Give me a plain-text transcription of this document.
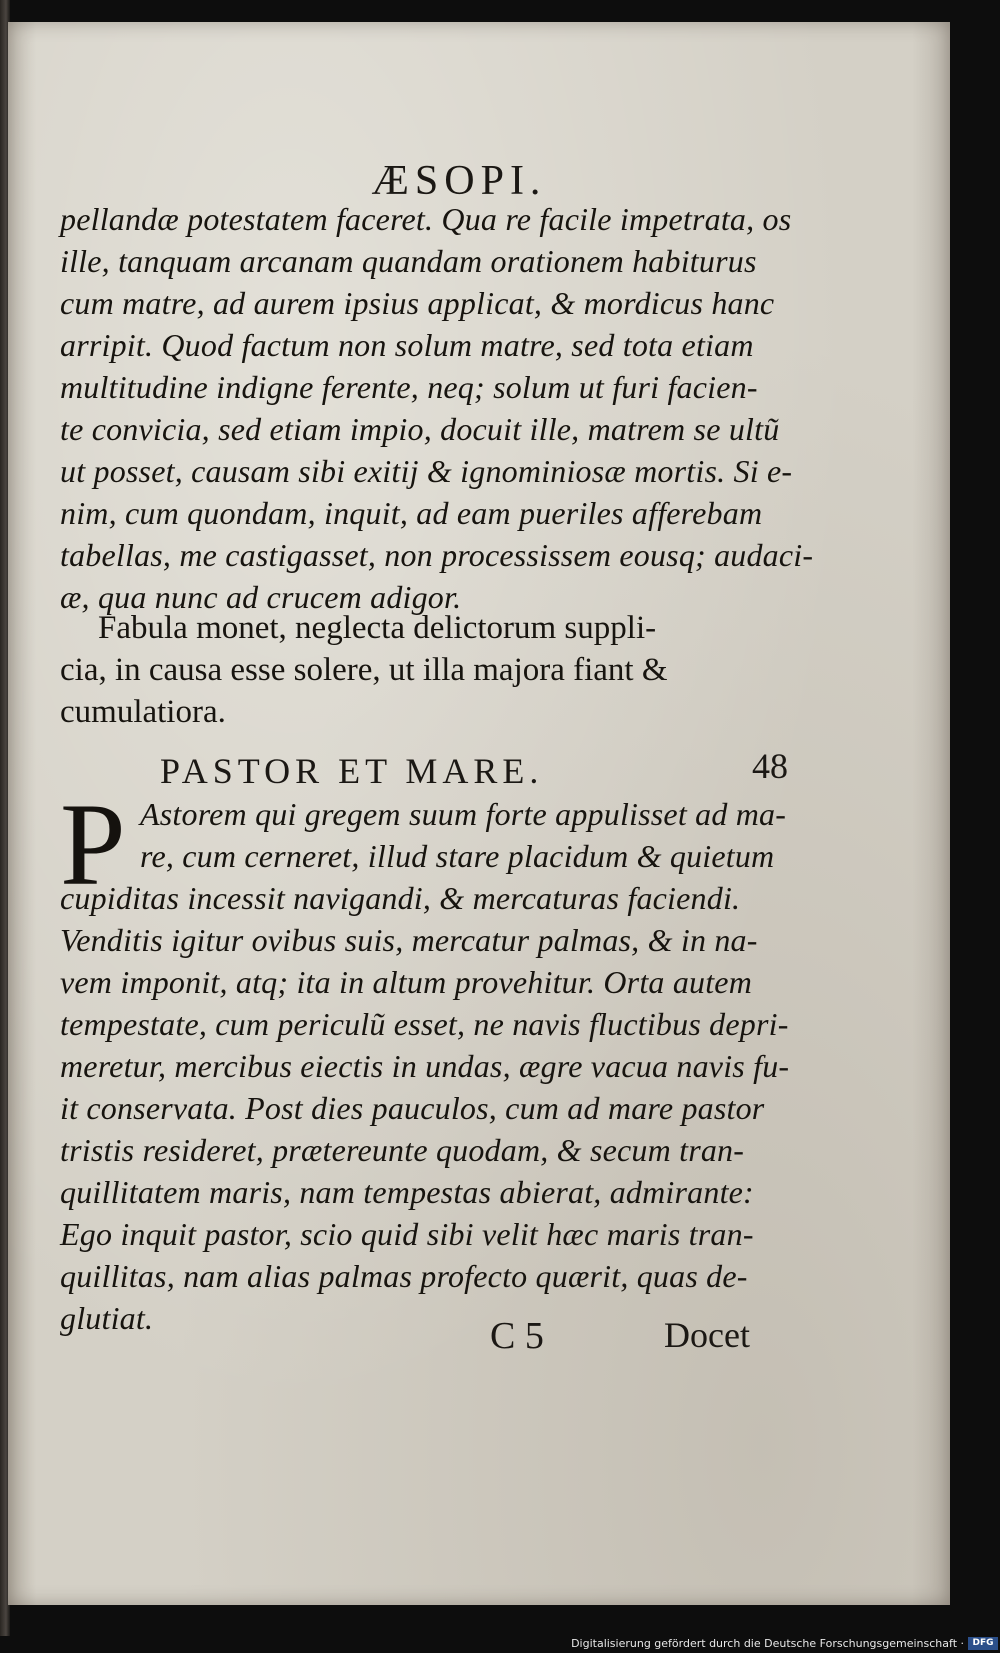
ÆSOPI.
pellandæ potestatem faceret. Qua re facile impetrata, os
ille, tanquam arcanam quandam orationem habiturus
cum matre, ad aurem ipsius applicat, & mordicus hanc
arripit. Quod factum non solum matre, sed tota etiam
multitudine indigne ferente, neq; solum ut furi facien-
te convicia, sed etiam impio, docuit ille, matrem se ultũ
ut posset, causam sibi exitij & ignominiosæ mortis. Si e-
nim, cum quondam, inquit, ad eam pueriles afferebam
tabellas, me castigasset, non processissem eousq; audaci-
æ, qua nunc ad crucem adigor.
Fabula monet, neglecta delictorum suppli-
cia, in causa esse solere, ut illa majora fiant &
cumulatiora.
PASTOR ET MARE.	48
P Astorem qui gregem suum forte appulisset ad ma-
re, cum cerneret, illud stare placidum & quietum
cupiditas incessit navigandi, & mercaturas faciendi.
Venditis igitur ovibus suis, mercatur palmas, & in na-
vem imponit, atq; ita in altum provehitur. Orta autem
tempestate, cum periculũ esset, ne navis fluctibus depri-
meretur, mercibus eiectis in undas, ægre vacua navis fu-
it conservata. Post dies pauculos, cum ad mare pastor
tristis resideret, prætereunte quodam, & secum tran-
quillitatem maris, nam tempestas abierat, admirante:
Ego inquit pastor, scio quid sibi velit hæc maris tran-
quillitas, nam alias palmas profecto quærit, quas de-
glutiat.	C 5	Docet
Digitalisierung gefördert durch die Deutsche Forschungsgemeinschaft · DFG
